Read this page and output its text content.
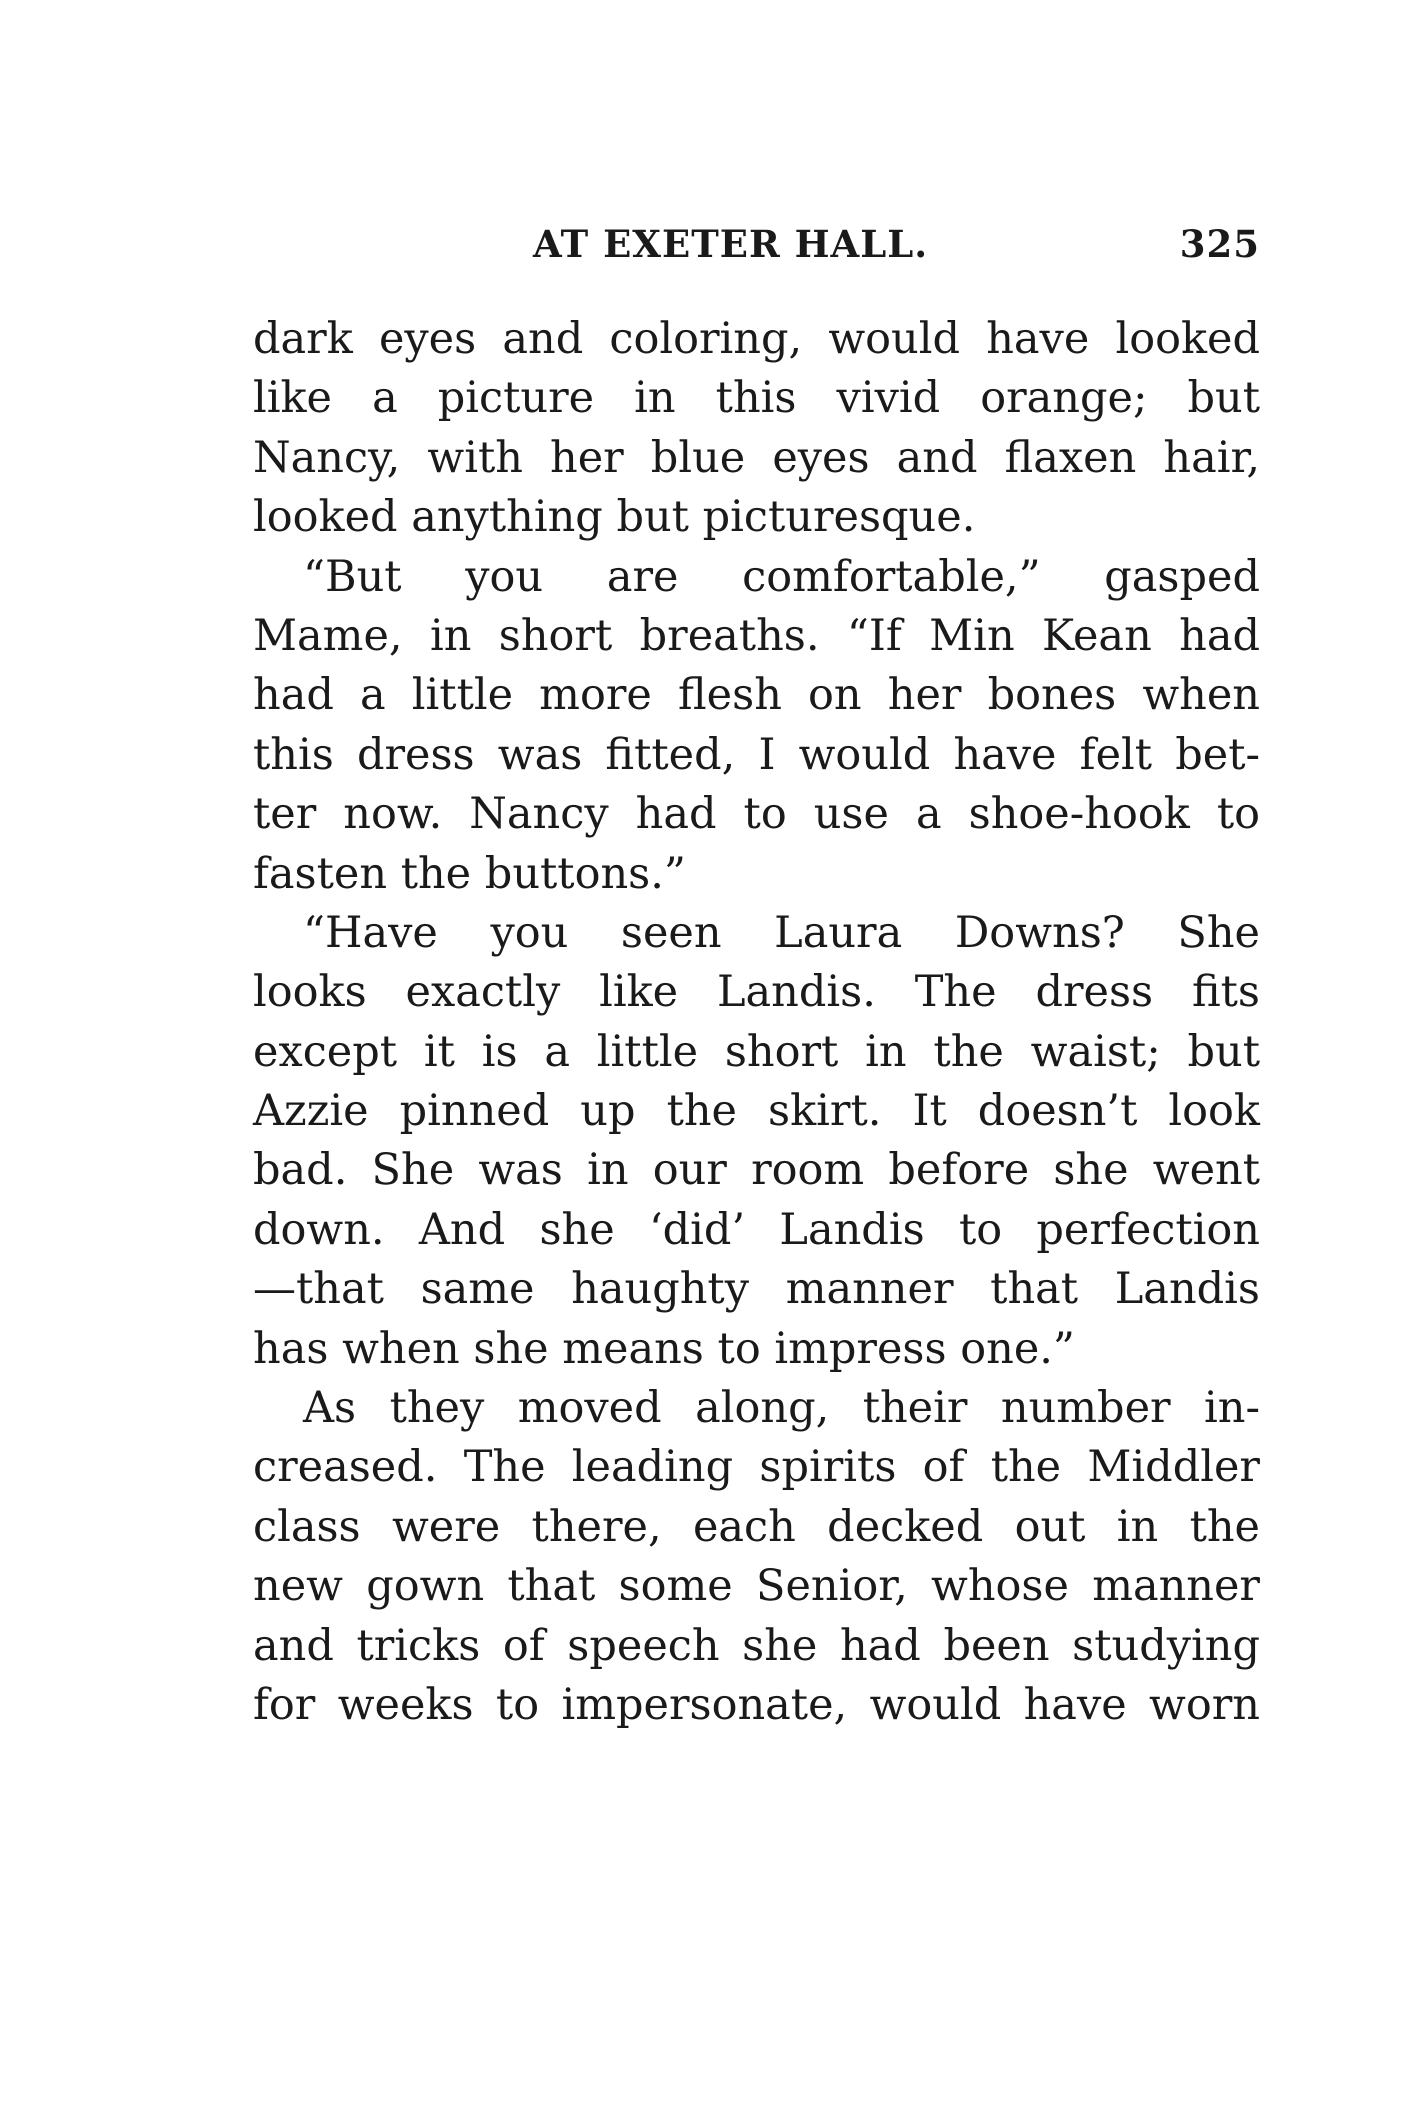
AT EXETER HALL.	325
dark eyes and coloring, would have looked
like a picture in this vivid orange; but
Nancy, with her blue eyes and flaxen hair,
looked anything but picturesque.
“But you are comfortable,” gasped
Mame, in short breaths. “If Min Kean had
had a little more flesh on her bones when
this dress was fitted, I would have felt bet-
ter now. Nancy had to use a shoe-hook to
fasten the buttons.”
“Have you seen Laura Downs? She
looks exactly like Landis. The dress fits
except it is a little short in the waist; but
Azzie pinned up the skirt. It doesn’t look
bad. She was in our room before she went
down. And she ‘did’ Landis to perfection
—that same haughty manner that Landis
has when she means to impress one.”
As they moved along, their number in-
creased. The leading spirits of the Middler
class were there, each decked out in the
new gown that some Senior, whose manner
and tricks of speech she had been studying
for weeks to impersonate, would have worn
